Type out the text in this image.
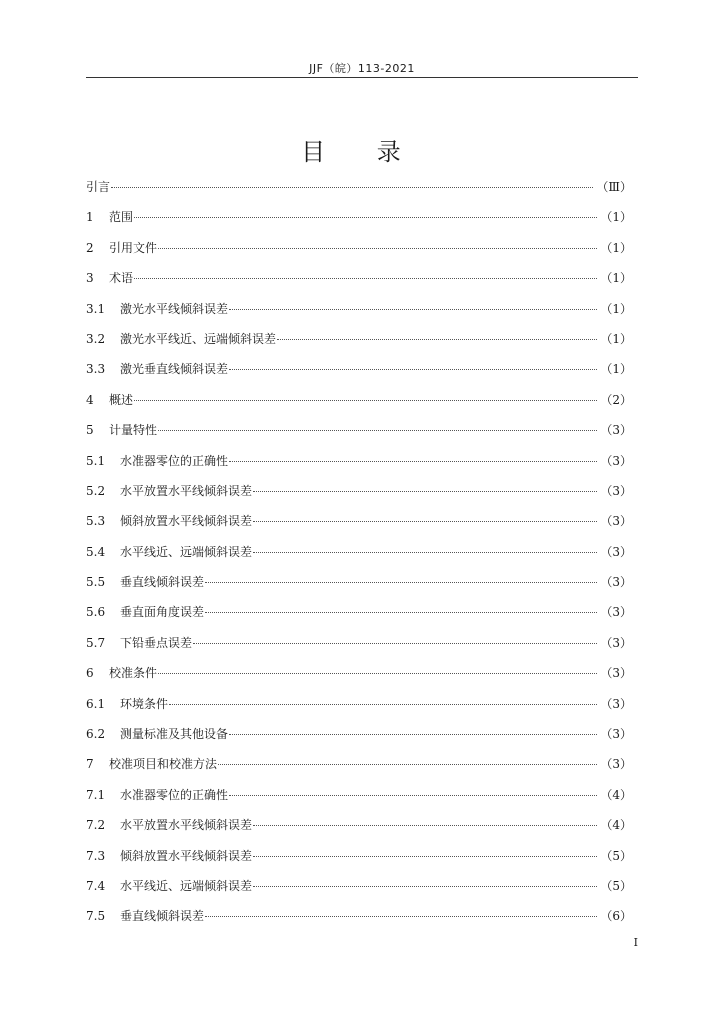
JJF（皖）113-2021
目 录
引言	（Ⅲ）
1	范围	（1）
2	引用文件	（1）
3	术语	（1）
3.1	激光水平线倾斜误差	（1）
3.2	激光水平线近、远端倾斜误差	（1）
3.3	激光垂直线倾斜误差	（1）
4	概述	（2）
5	计量特性	（3）
5.1	水准器零位的正确性	（3）
5.2	水平放置水平线倾斜误差	（3）
5.3	倾斜放置水平线倾斜误差	（3）
5.4	水平线近、远端倾斜误差	（3）
5.5	垂直线倾斜误差	（3）
5.6	垂直面角度误差	（3）
5.7	下铅垂点误差	（3）
6	校准条件	（3）
6.1	环境条件	（3）
6.2	测量标准及其他设备	（3）
7	校准项目和校准方法	（3）
7.1	水准器零位的正确性	（4）
7.2	水平放置水平线倾斜误差	（4）
7.3	倾斜放置水平线倾斜误差	（5）
7.4	水平线近、远端倾斜误差	（5）
7.5	垂直线倾斜误差	（6）
I
